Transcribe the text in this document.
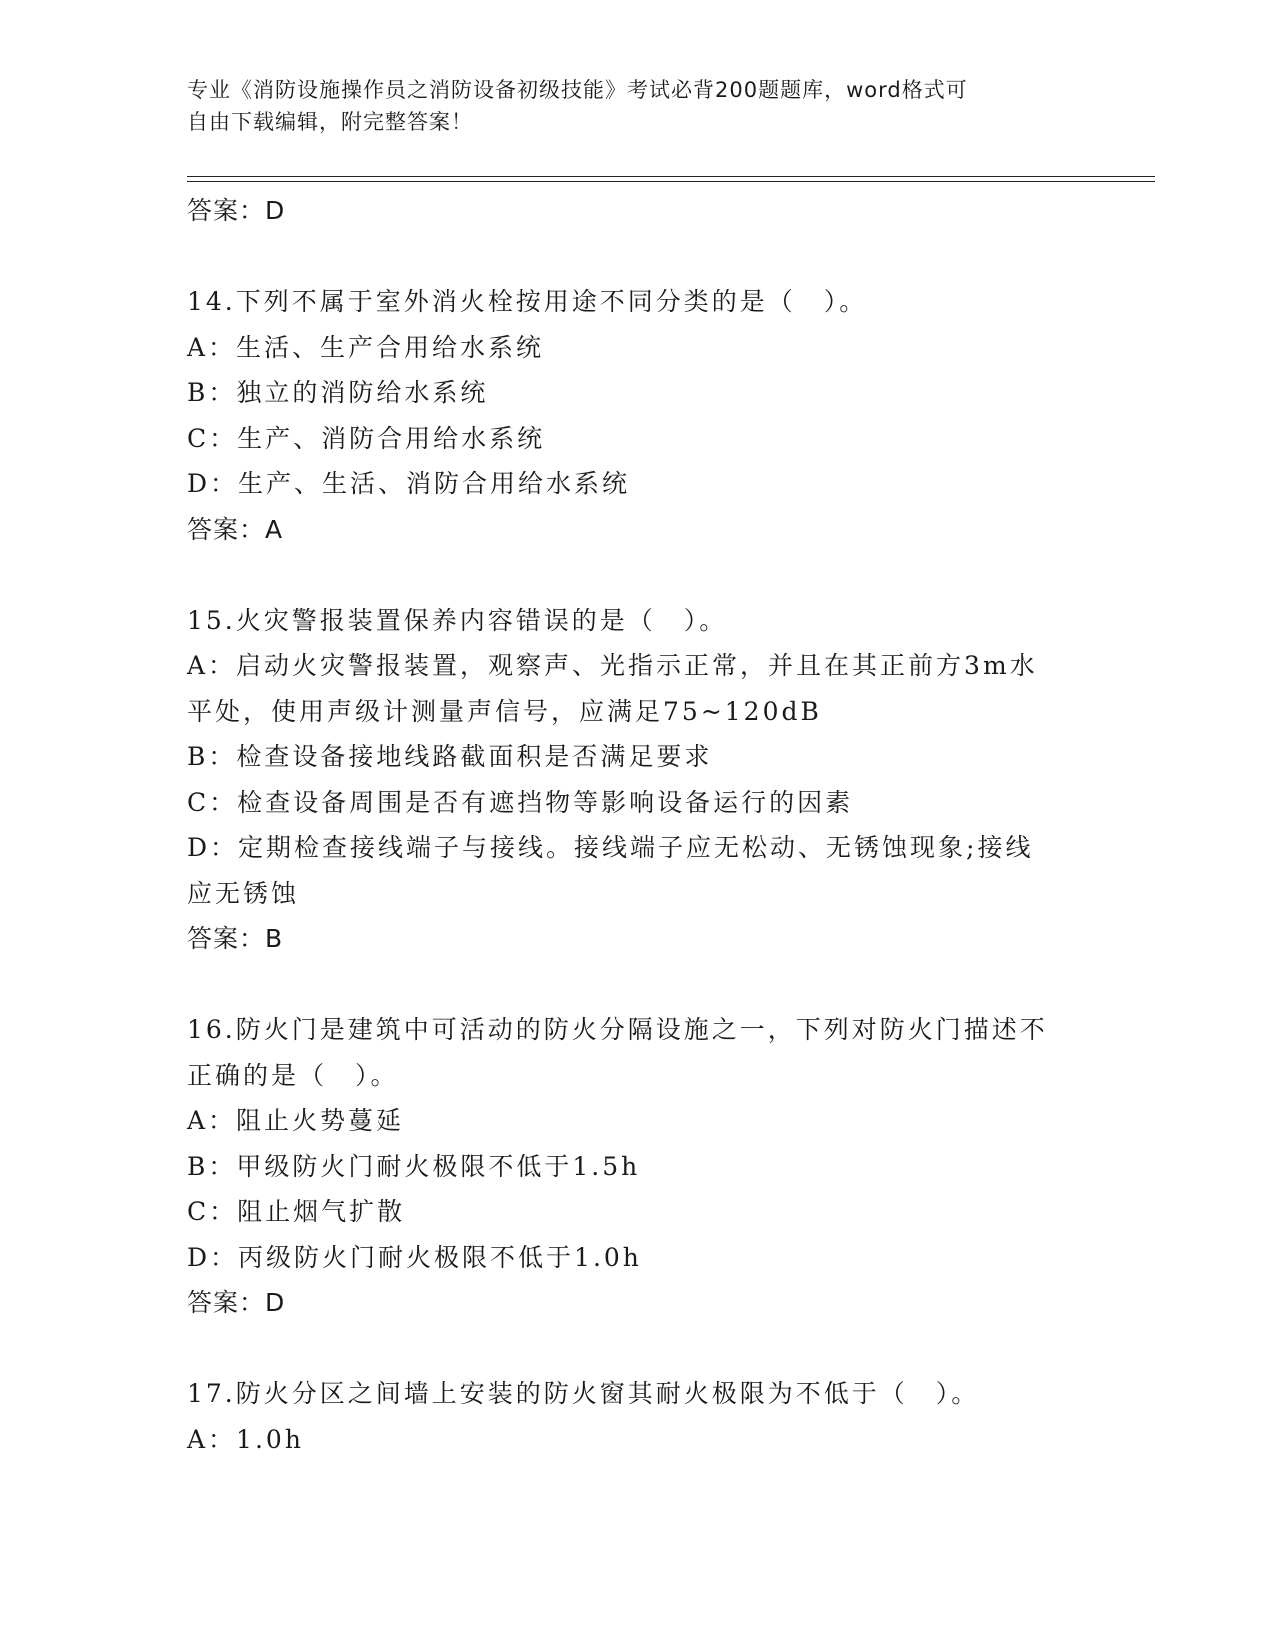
专业《消防设施操作员之消防设备初级技能》考试必背200题题库，word格式可
自由下载编辑，附完整答案！
答案：D
14.下列不属于室外消火栓按用途不同分类的是（　）。
A：生活、生产合用给水系统
B：独立的消防给水系统
C：生产、消防合用给水系统
D：生产、生活、消防合用给水系统
答案：A
15.火灾警报装置保养内容错误的是（　）。
A：启动火灾警报装置，观察声、光指示正常，并且在其正前方3m水
平处，使用声级计测量声信号，应满足75~120dB
B：检查设备接地线路截面积是否满足要求
C：检查设备周围是否有遮挡物等影响设备运行的因素
D：定期检查接线端子与接线。接线端子应无松动、无锈蚀现象;接线
应无锈蚀
答案：B
16.防火门是建筑中可活动的防火分隔设施之一，下列对防火门描述不
正确的是（　）。
A：阻止火势蔓延
B：甲级防火门耐火极限不低于1.5h
C：阻止烟气扩散
D：丙级防火门耐火极限不低于1.0h
答案：D
17.防火分区之间墙上安装的防火窗其耐火极限为不低于（　）。
A：1.0h
